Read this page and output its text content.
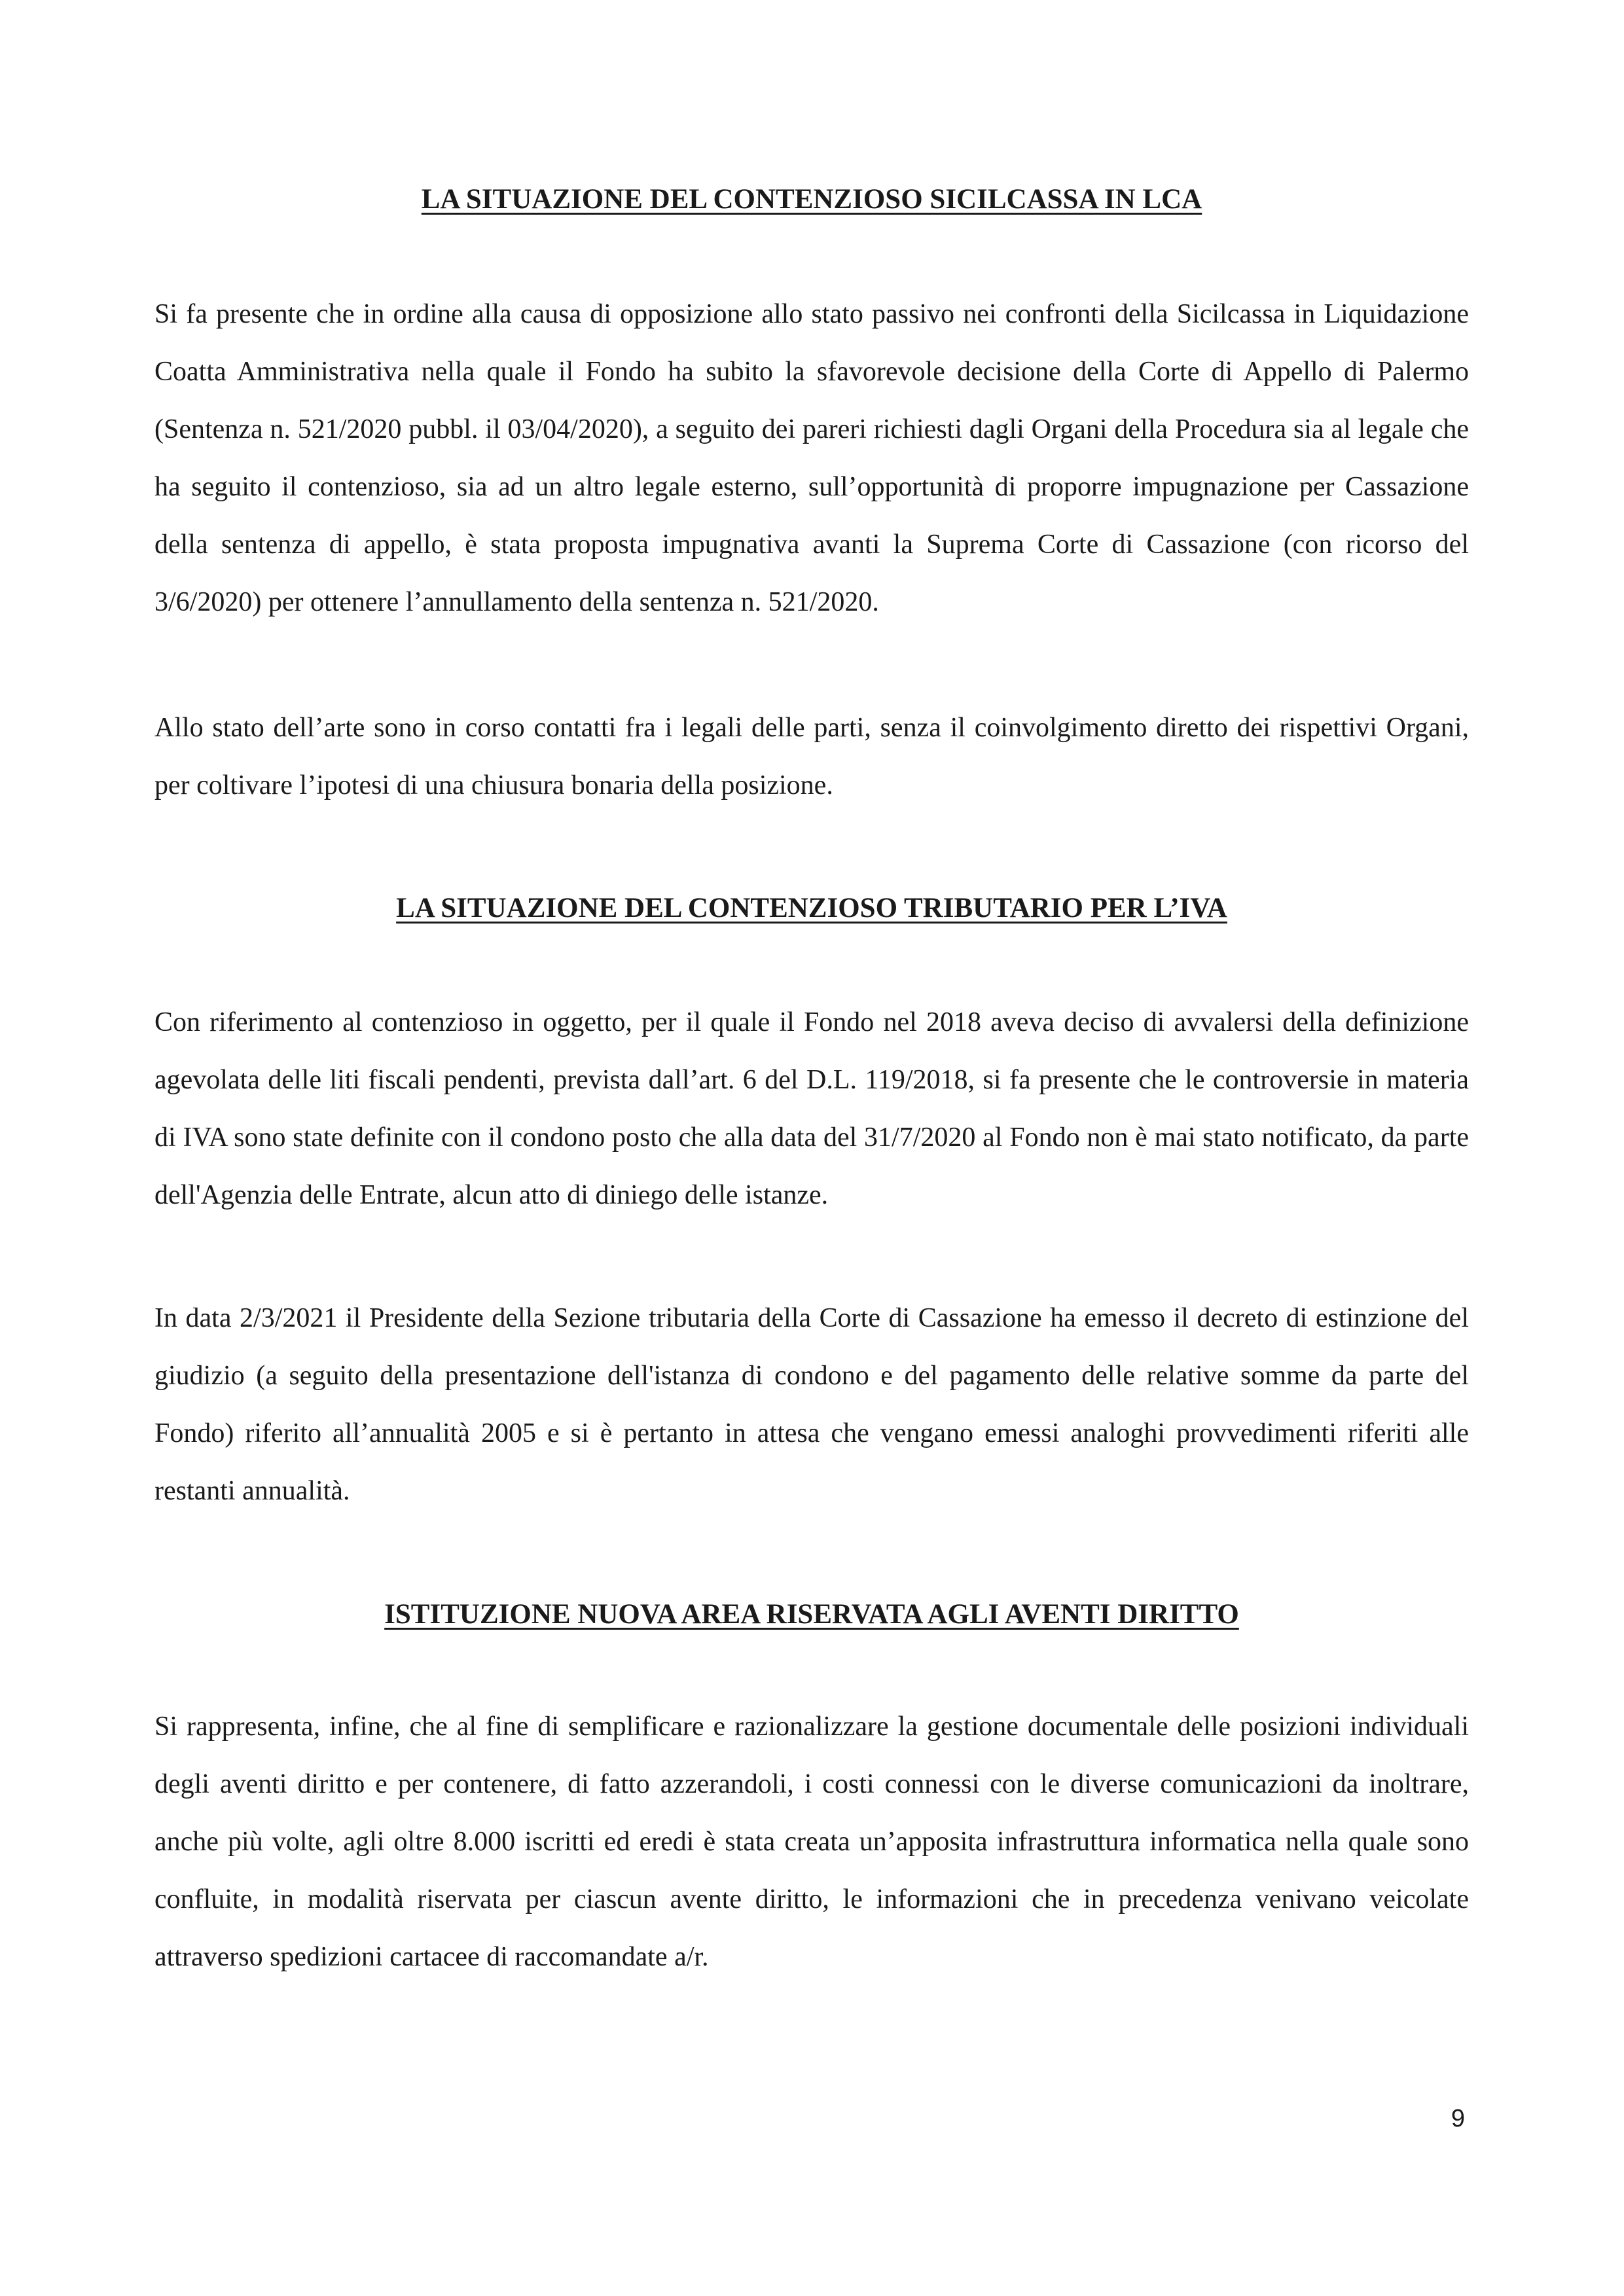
LA SITUAZIONE DEL CONTENZIOSO SICILCASSA IN LCA

Si fa presente che in ordine alla causa di opposizione allo stato passivo nei confronti della Sicilcassa in Liquidazione Coatta Amministrativa nella quale il Fondo ha subito la sfavorevole decisione della Corte di Appello di Palermo (Sentenza n. 521/2020 pubbl. il 03/04/2020), a seguito dei pareri richiesti dagli Organi della Procedura sia al legale che ha seguito il contenzioso, sia ad un altro legale esterno, sull’opportunità di proporre impugnazione per Cassazione della sentenza di appello, è stata proposta impugnativa avanti la Suprema Corte di Cassazione (con ricorso del 3/6/2020) per ottenere l’annullamento della sentenza n. 521/2020.

Allo stato dell’arte sono in corso contatti fra i legali delle parti, senza il coinvolgimento diretto dei rispettivi Organi, per coltivare l’ipotesi di una chiusura bonaria della posizione.

LA SITUAZIONE DEL CONTENZIOSO TRIBUTARIO PER L’IVA

Con riferimento al contenzioso in oggetto, per il quale il Fondo nel 2018 aveva deciso di avvalersi della definizione agevolata delle liti fiscali pendenti, prevista dall’art. 6 del D.L. 119/2018, si fa presente che le controversie in materia di IVA sono state definite con il condono posto che alla data del 31/7/2020 al Fondo non è mai stato notificato, da parte dell'Agenzia delle Entrate, alcun atto di diniego delle istanze.

In data 2/3/2021 il Presidente della Sezione tributaria della Corte di Cassazione ha emesso il decreto di estinzione del giudizio (a seguito della presentazione dell'istanza di condono e del pagamento delle relative somme da parte del Fondo) riferito all’annualità 2005 e si è pertanto in attesa che vengano emessi analoghi provvedimenti riferiti alle restanti annualità.

ISTITUZIONE NUOVA AREA RISERVATA AGLI AVENTI DIRITTO

Si rappresenta, infine, che al fine di semplificare e razionalizzare la gestione documentale delle posizioni individuali degli aventi diritto e per contenere, di fatto azzerandoli, i costi connessi con le diverse comunicazioni da inoltrare, anche più volte, agli oltre 8.000 iscritti ed eredi è stata creata un’apposita infrastruttura informatica nella quale sono confluite, in modalità riservata per ciascun avente diritto, le informazioni che in precedenza venivano veicolate attraverso spedizioni cartacee di raccomandate a/r.

9
